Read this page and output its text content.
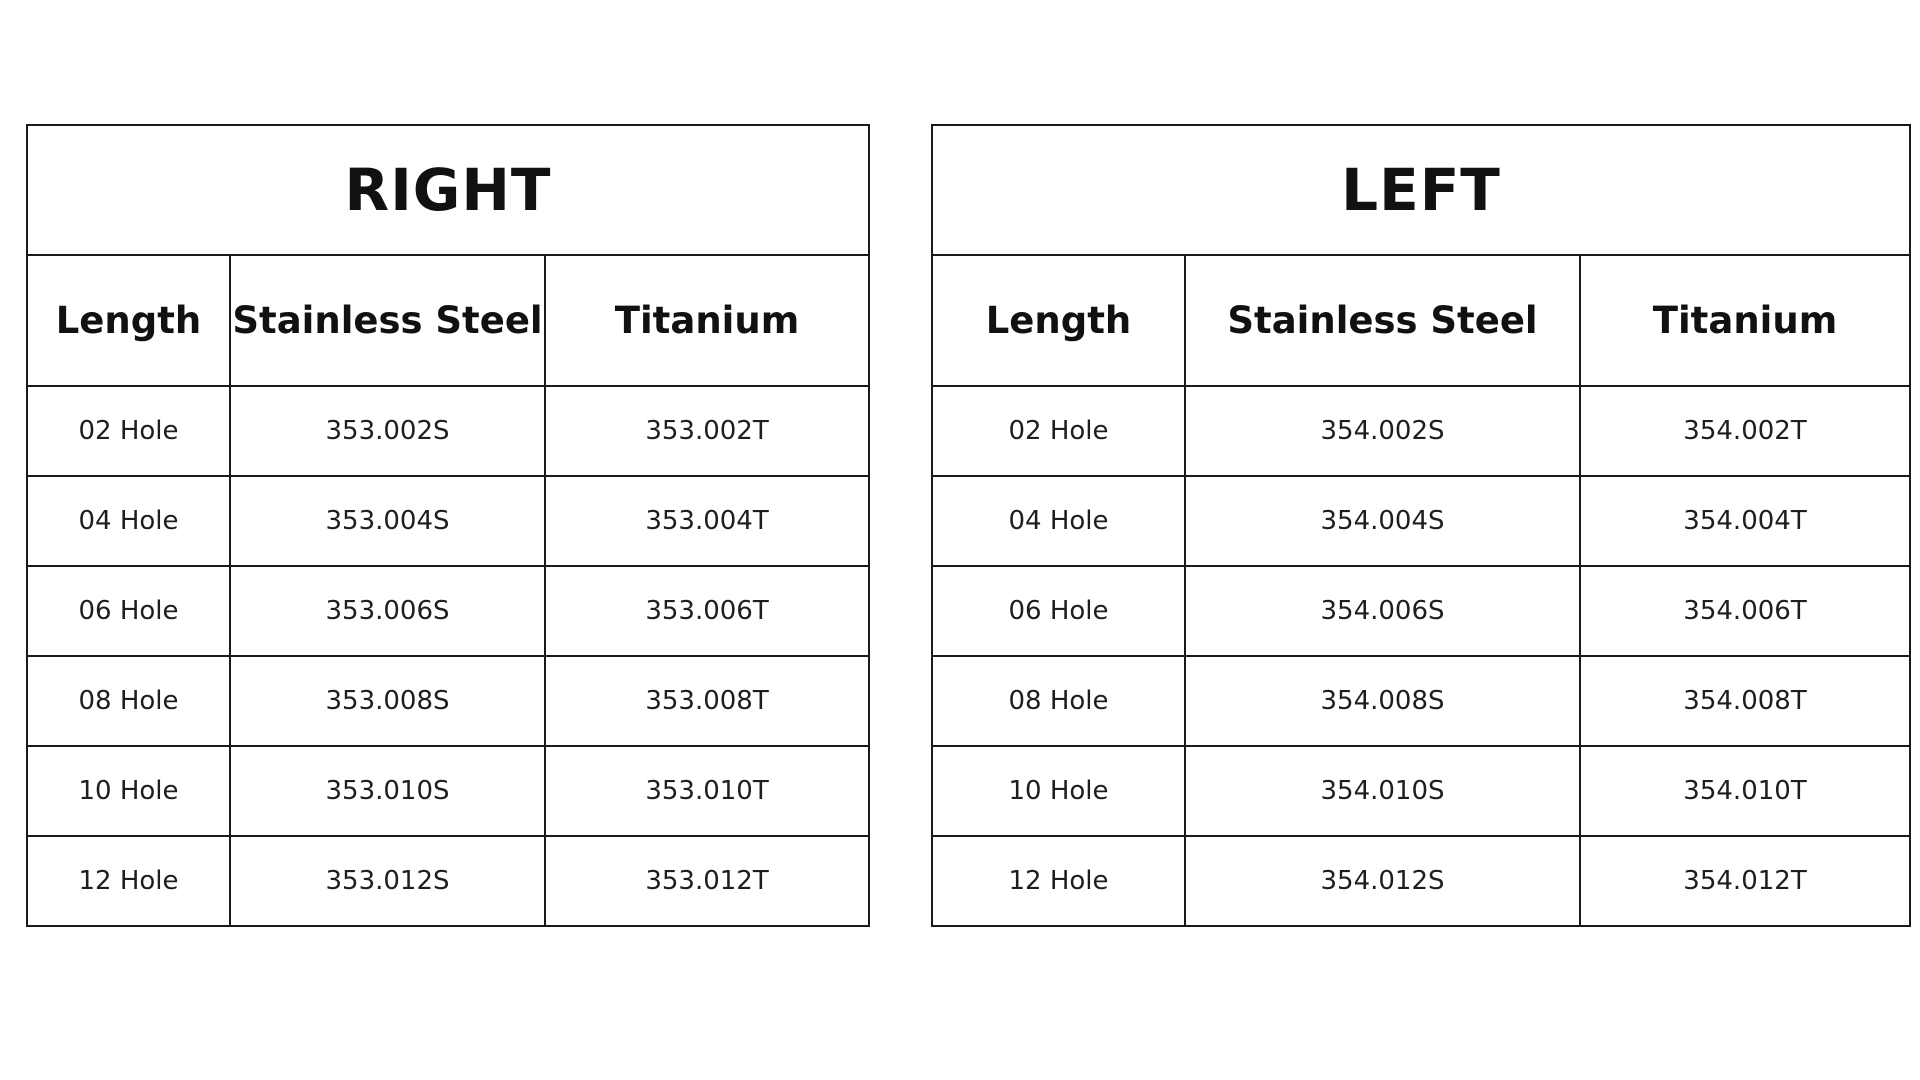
RIGHT		
Length	Stainless Steel	Titanium
02 Hole	353.002S	353.002T
04 Hole	353.004S	353.004T
06 Hole	353.006S	353.006T
08 Hole	353.008S	353.008T
10 Hole	353.010S	353.010T
12 Hole	353.012S	353.012T
LEFT		
Length	Stainless Steel	Titanium
02 Hole	354.002S	354.002T
04 Hole	354.004S	354.004T
06 Hole	354.006S	354.006T
08 Hole	354.008S	354.008T
10 Hole	354.010S	354.010T
12 Hole	354.012S	354.012T
